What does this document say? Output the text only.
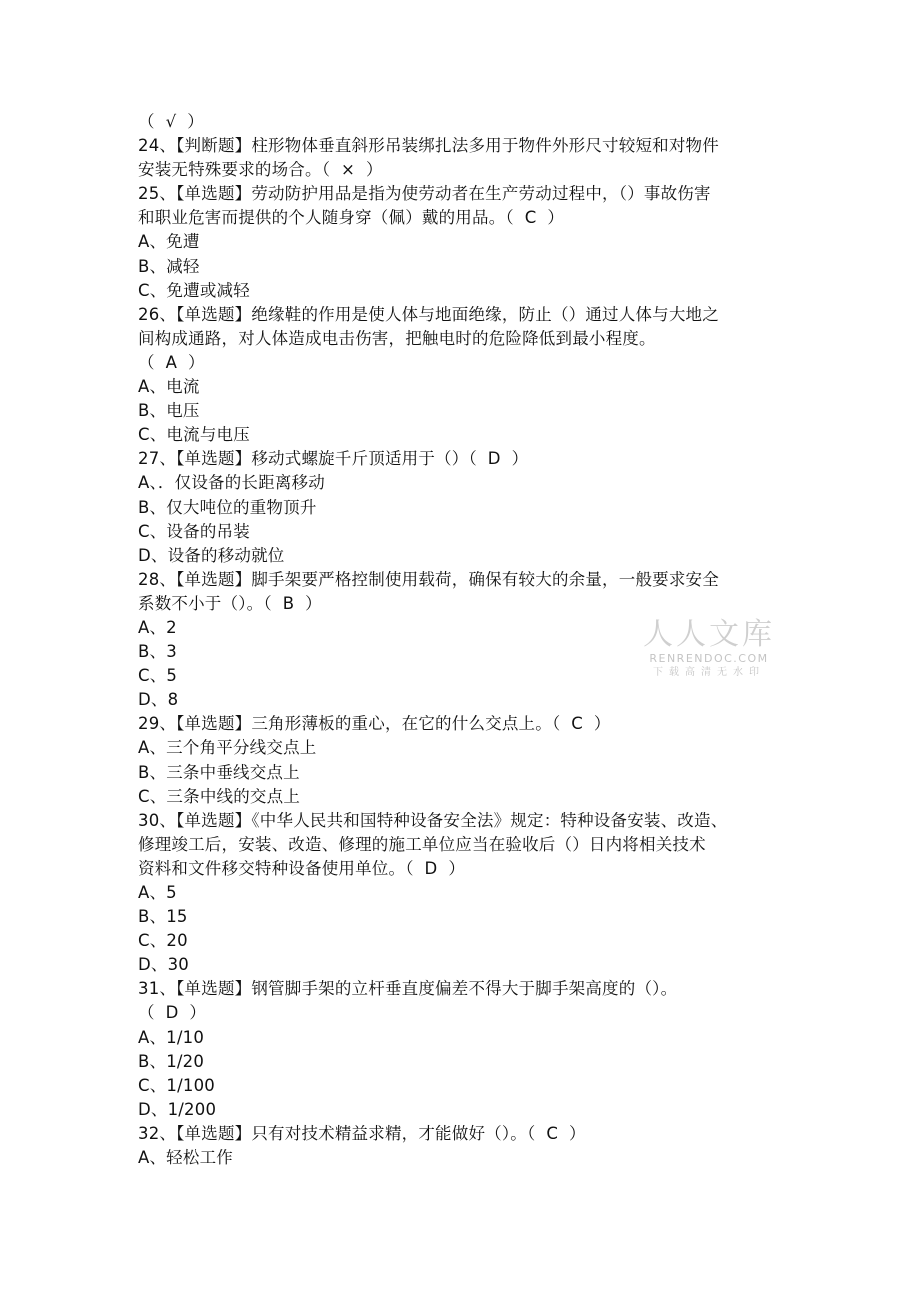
（  √  ）
24、【判断题】柱形物体垂直斜形吊装绑扎法多用于物件外形尺寸较短和对物件
安装无特殊要求的场合。（  ×  ）
25、【单选题】劳动防护用品是指为使劳动者在生产劳动过程中，（）事故伤害
和职业危害而提供的个人随身穿（佩）戴的用品。（  C  ）
A、免遭
B、减轻
C、免遭或减轻
26、【单选题】绝缘鞋的作用是使人体与地面绝缘，防止（）通过人体与大地之
间构成通路，对人体造成电击伤害，把触电时的危险降低到最小程度。
（  A  ）
A、电流
B、电压
C、电流与电压
27、【单选题】移动式螺旋千斤顶适用于（）（  D  ）
A、．仅设备的长距离移动
B、仅大吨位的重物顶升
C、设备的吊装
D、设备的移动就位
28、【单选题】脚手架要严格控制使用载荷，确保有较大的余量，一般要求安全
系数不小于（）。（  B  ）
A、2
B、3
C、5
D、8
29、【单选题】三角形薄板的重心，在它的什么交点上。（  C  ）
A、三个角平分线交点上
B、三条中垂线交点上
C、三条中线的交点上
30、【单选题】《中华人民共和国特种设备安全法》规定：特种设备安装、改造、
修理竣工后，安装、改造、修理的施工单位应当在验收后（）日内将相关技术
资料和文件移交特种设备使用单位。（  D  ）
A、5
B、15
C、20
D、30
31、【单选题】钢管脚手架的立杆垂直度偏差不得大于脚手架高度的（）。
（  D  ）
A、1/10
B、1/20
C、1/100
D、1/200
32、【单选题】只有对技术精益求精，才能做好（）。（  C  ）
A、轻松工作
人人文库
RENRENDOC.COM
下载高清无水印
